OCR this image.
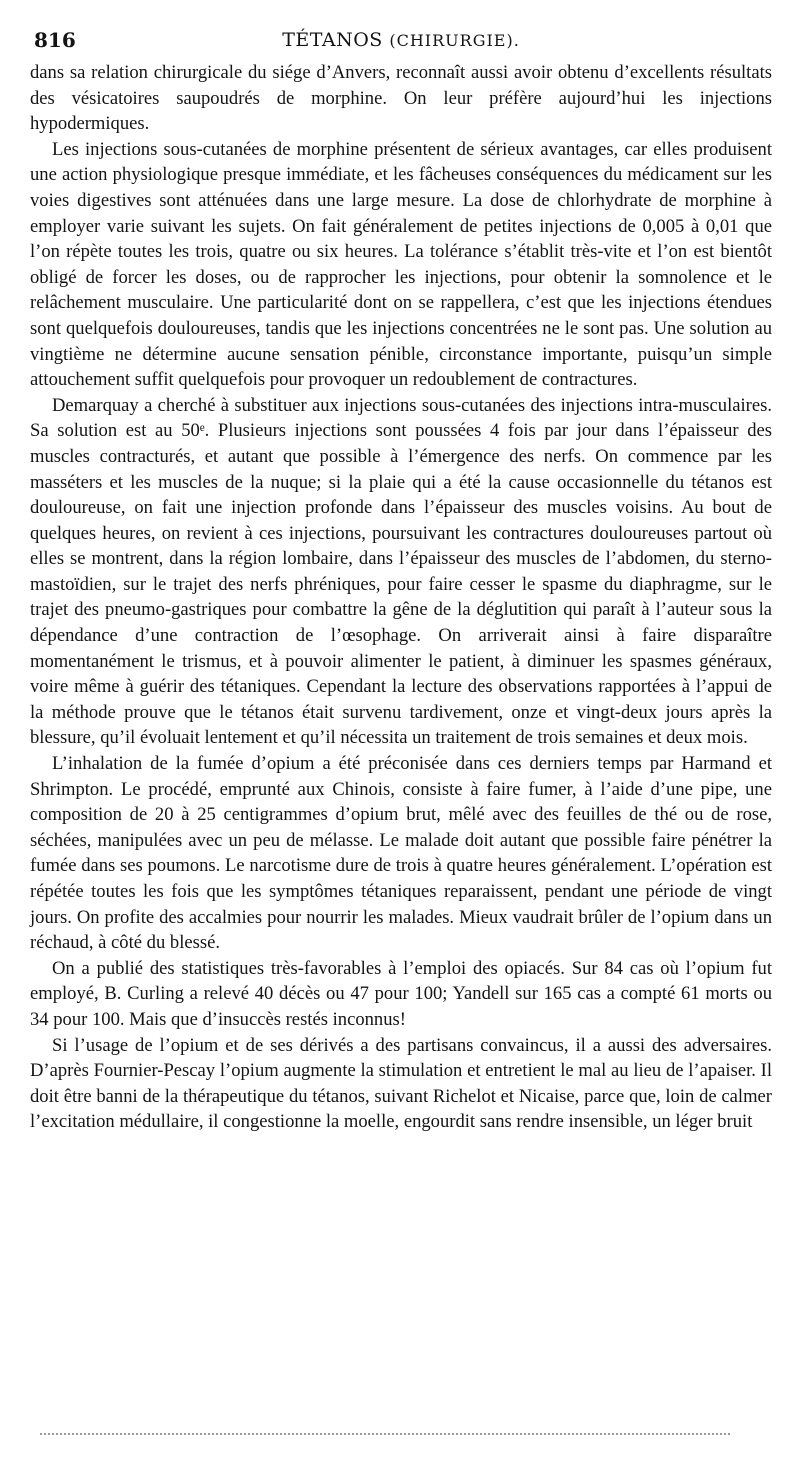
816	TÉTANOS (CHIRURGIE).

dans sa relation chirurgicale du siége d’Anvers, reconnaît aussi avoir obtenu d’excellents résultats des vésicatoires saupoudrés de morphine. On leur préfère aujourd’hui les injections hypodermiques.

Les injections sous-cutanées de morphine présentent de sérieux avantages, car elles produisent une action physiologique presque immédiate, et les fâcheuses conséquences du médicament sur les voies digestives sont atténuées dans une large mesure. La dose de chlorhydrate de morphine à employer varie suivant les sujets. On fait généralement de petites injections de 0,005 à 0,01 que l’on répète toutes les trois, quatre ou six heures. La tolérance s’établit très-vite et l’on est bientôt obligé de forcer les doses, ou de rapprocher les injections, pour obtenir la somnolence et le relâchement musculaire. Une particularité dont on se rappellera, c’est que les injections étendues sont quelquefois douloureuses, tandis que les injections concentrées ne le sont pas. Une solution au vingtième ne détermine aucune sensation pénible, circonstance importante, puisqu’un simple attouchement suffit quelquefois pour provoquer un redoublement de contractures.

Demarquay a cherché à substituer aux injections sous-cutanées des injections intra-musculaires. Sa solution est au 50ᵉ. Plusieurs injections sont poussées 4 fois par jour dans l’épaisseur des muscles contracturés, et autant que possible à l’émergence des nerfs. On commence par les masséters et les muscles de la nuque; si la plaie qui a été la cause occasionnelle du tétanos est douloureuse, on fait une injection profonde dans l’épaisseur des muscles voisins. Au bout de quelques heures, on revient à ces injections, poursuivant les contractures douloureuses partout où elles se montrent, dans la région lombaire, dans l’épaisseur des muscles de l’abdomen, du sterno-mastoïdien, sur le trajet des nerfs phréniques, pour faire cesser le spasme du diaphragme, sur le trajet des pneumo-gastriques pour combattre la gêne de la déglutition qui paraît à l’auteur sous la dépendance d’une contraction de l’œsophage. On arriverait ainsi à faire disparaître momentanément le trismus, et à pouvoir alimenter le patient, à diminuer les spasmes généraux, voire même à guérir des tétaniques. Cependant la lecture des observations rapportées à l’appui de la méthode prouve que le tétanos était survenu tardivement, onze et vingt-deux jours après la blessure, qu’il évoluait lentement et qu’il nécessita un traitement de trois semaines et deux mois.

L’inhalation de la fumée d’opium a été préconisée dans ces derniers temps par Harmand et Shrimpton. Le procédé, emprunté aux Chinois, consiste à faire fumer, à l’aide d’une pipe, une composition de 20 à 25 centigrammes d’opium brut, mêlé avec des feuilles de thé ou de rose, séchées, manipulées avec un peu de mélasse. Le malade doit autant que possible faire pénétrer la fumée dans ses poumons. Le narcotisme dure de trois à quatre heures généralement. L’opération est répétée toutes les fois que les symptômes tétaniques reparaissent, pendant une période de vingt jours. On profite des accalmies pour nourrir les malades. Mieux vaudrait brûler de l’opium dans un réchaud, à côté du blessé.

On a publié des statistiques très-favorables à l’emploi des opiacés. Sur 84 cas où l’opium fut employé, B. Curling a relevé 40 décès ou 47 pour 100; Yandell sur 165 cas a compté 61 morts ou 34 pour 100. Mais que d’insuccès restés inconnus!

Si l’usage de l’opium et de ses dérivés a des partisans convaincus, il a aussi des adversaires. D’après Fournier-Pescay l’opium augmente la stimulation et entretient le mal au lieu de l’apaiser. Il doit être banni de la thérapeutique du tétanos, suivant Richelot et Nicaise, parce que, loin de calmer l’excitation médullaire, il congestionne la moelle, engourdit sans rendre insensible, un léger bruit
